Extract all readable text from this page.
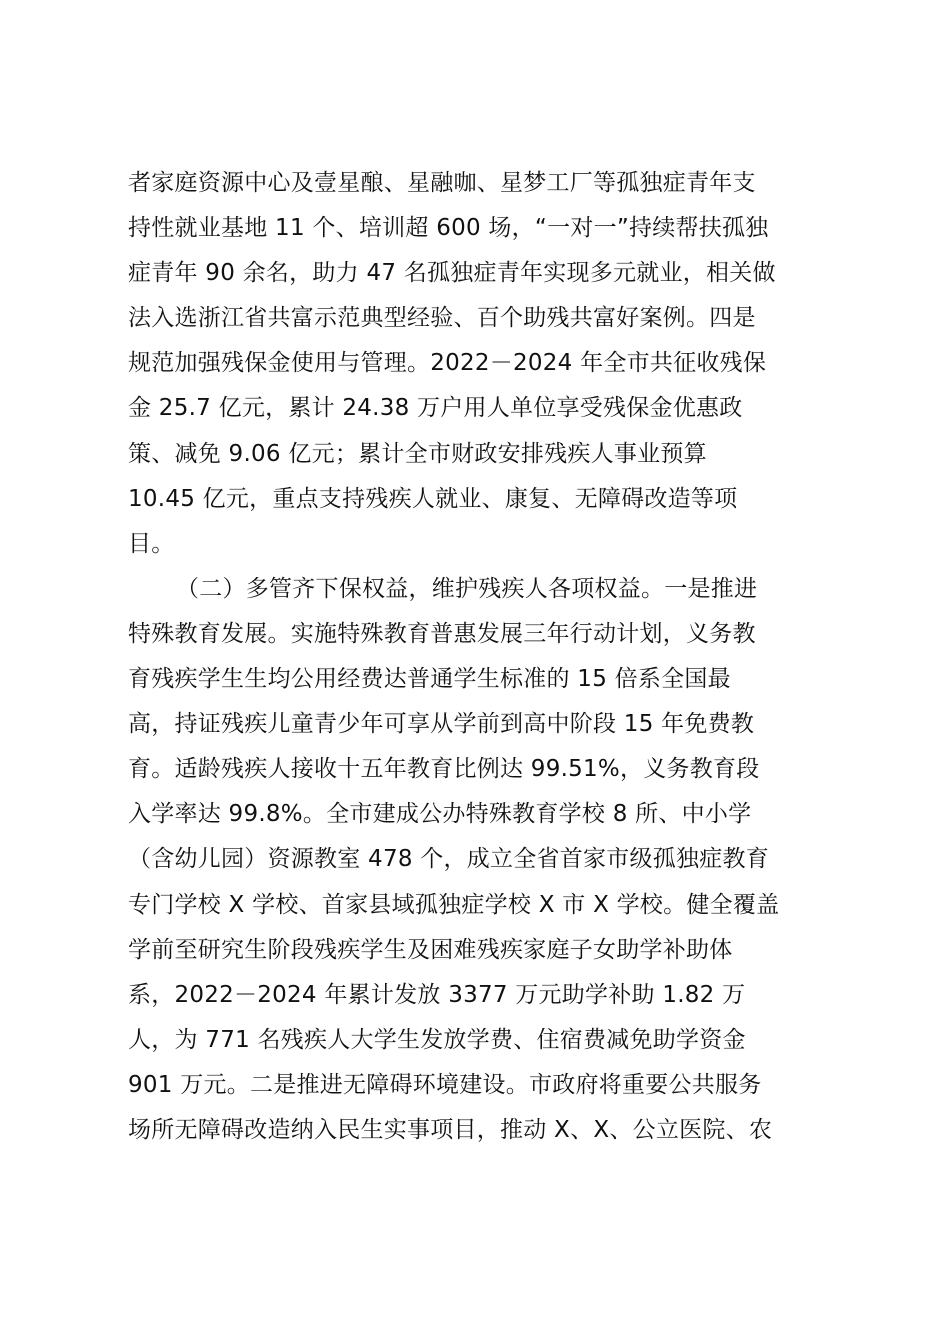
者家庭资源中心及壹星酿、星融咖、星梦工厂等孤独症青年支
持性就业基地 11 个、培训超 600 场，“一对一”持续帮扶孤独
症青年 90 余名，助力 47 名孤独症青年实现多元就业，相关做
法入选浙江省共富示范典型经验、百个助残共富好案例。四是
规范加强残保金使用与管理。2022－2024 年全市共征收残保
金 25.7 亿元，累计 24.38 万户用人单位享受残保金优惠政
策、减免 9.06 亿元；累计全市财政安排残疾人事业预算
10.45 亿元，重点支持残疾人就业、康复、无障碍改造等项
目。
（二）多管齐下保权益，维护残疾人各项权益。一是推进
特殊教育发展。实施特殊教育普惠发展三年行动计划，义务教
育残疾学生生均公用经费达普通学生标准的 15 倍系全国最
高，持证残疾儿童青少年可享从学前到高中阶段 15 年免费教
育。适龄残疾人接收十五年教育比例达 99.51%，义务教育段
入学率达 99.8%。全市建成公办特殊教育学校 8 所、中小学
（含幼儿园）资源教室 478 个，成立全省首家市级孤独症教育
专门学校 X 学校、首家县域孤独症学校 X 市 X 学校。健全覆盖
学前至研究生阶段残疾学生及困难残疾家庭子女助学补助体
系，2022－2024 年累计发放 3377 万元助学补助 1.82 万
人，为 771 名残疾人大学生发放学费、住宿费减免助学资金
901 万元。二是推进无障碍环境建设。市政府将重要公共服务
场所无障碍改造纳入民生实事项目，推动 X、X、公立医院、农
